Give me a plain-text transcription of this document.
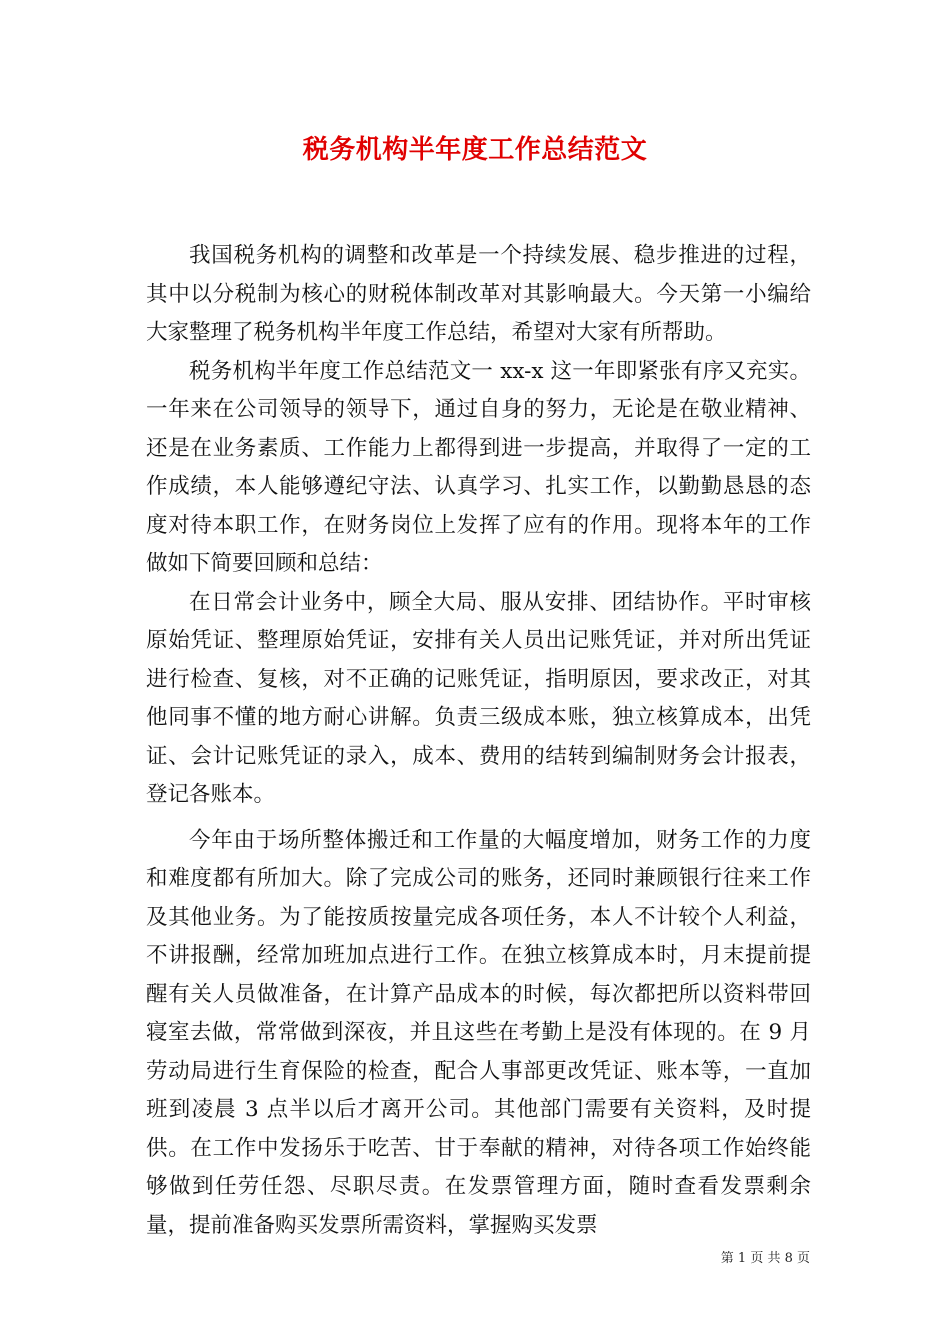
税务机构半年度工作总结范文

我国税务机构的调整和改革是一个持续发展、稳步推进的过程，其中以分税制为核心的财税体制改革对其影响最大。今天第一小编给大家整理了税务机构半年度工作总结，希望对大家有所帮助。

税务机构半年度工作总结范文一 xx-x 这一年即紧张有序又充实。一年来在公司领导的领导下，通过自身的努力，无论是在敬业精神、还是在业务素质、工作能力上都得到进一步提高，并取得了一定的工作成绩，本人能够遵纪守法、认真学习、扎实工作，以勤勤恳恳的态度对待本职工作，在财务岗位上发挥了应有的作用。现将本年的工作做如下简要回顾和总结：

在日常会计业务中，顾全大局、服从安排、团结协作。平时审核原始凭证、整理原始凭证，安排有关人员出记账凭证，并对所出凭证进行检查、复核，对不正确的记账凭证，指明原因，要求改正，对其他同事不懂的地方耐心讲解。负责三级成本账，独立核算成本，出凭证、会计记账凭证的录入，成本、费用的结转到编制财务会计报表，登记各账本。

今年由于场所整体搬迁和工作量的大幅度增加，财务工作的力度和难度都有所加大。除了完成公司的账务，还同时兼顾银行往来工作及其他业务。为了能按质按量完成各项任务，本人不计较个人利益，不讲报酬，经常加班加点进行工作。在独立核算成本时，月末提前提醒有关人员做准备，在计算产品成本的时候，每次都把所以资料带回寝室去做，常常做到深夜，并且这些在考勤上是没有体现的。在 9 月劳动局进行生育保险的检查，配合人事部更改凭证、账本等，一直加班到凌晨 3 点半以后才离开公司。其他部门需要有关资料，及时提供。在工作中发扬乐于吃苦、甘于奉献的精神，对待各项工作始终能够做到任劳任怨、尽职尽责。在发票管理方面，随时查看发票剩余量，提前准备购买发票所需资料，掌握购买发票

第 1 页 共 8 页
